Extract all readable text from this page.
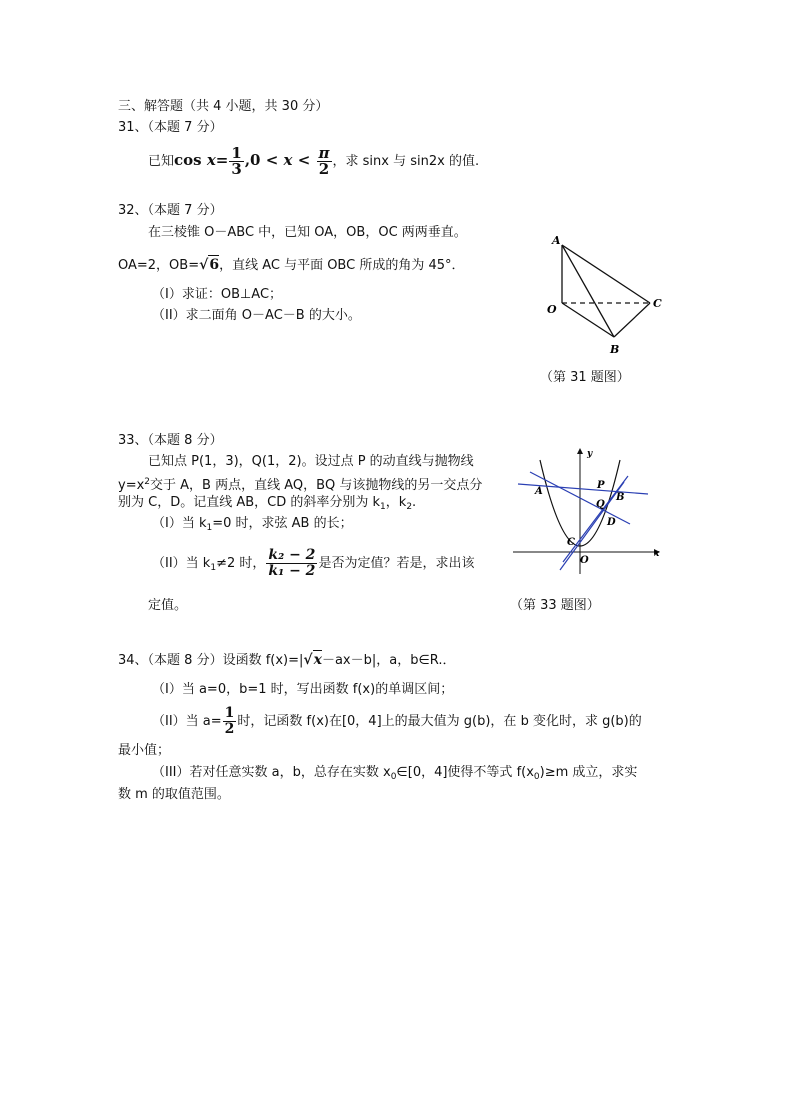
三、解答题（共 4 小题，共 30 分）
31、（本题 7 分）
已知$\cos x= \frac{1}{3} ,0 < x < \frac{\pi}{2}$ ，求 sinx 与 sin2x 的值.
32、（本题 7 分）
在三棱锥 O－ABC 中，已知 OA，OB，OC 两两垂直。
OA=2，OB=√6，直线 AC 与平面 OBC 所成的角为 45°．
（I）求证：OB⊥AC；
（II）求二面角 O－AC－B 的大小。
A
O	C
B
（第 31 题图）
33、（本题 8 分）
已知点 P(1，3)，Q(1，2)。设过点 P 的动直线与抛物线
$y=x^2$交于 A，B 两点，直线 AQ，BQ 与该抛物线的另一交点分
别为 C，D。记直线 AB，CD 的斜率分别为 $k_1$，$k_2$.
（I）当 $k_1=0$ 时，求弦 AB 的长；
（II）当 $k_1\ne 2$ 时， $\frac{\text{k₂ − 2}}{\text{k₁ − 2}}$ 是否为定值？若是，求出该
定值。
y
x
A
P
Q
B
D
C
O
（第 33 题图）
34、（本题 8 分）设函数 f(x)=|√x－ax－b|，a，b∈R.．
（I）当 a=0，b=1 时，写出函数 f(x)的单调区间；
（II）当 $a= \frac{1}{2}$ 时，记函数 f(x)在[0，4]上的最大值为 g(b)，在 b 变化时，求 g(b)的
最小值；
（III）若对任意实数 a，b，总存在实数 $x_0\in[0$，4]使得不等式 $f(x_0)\ge m$ 成立，求实
数 m 的取值范围。
